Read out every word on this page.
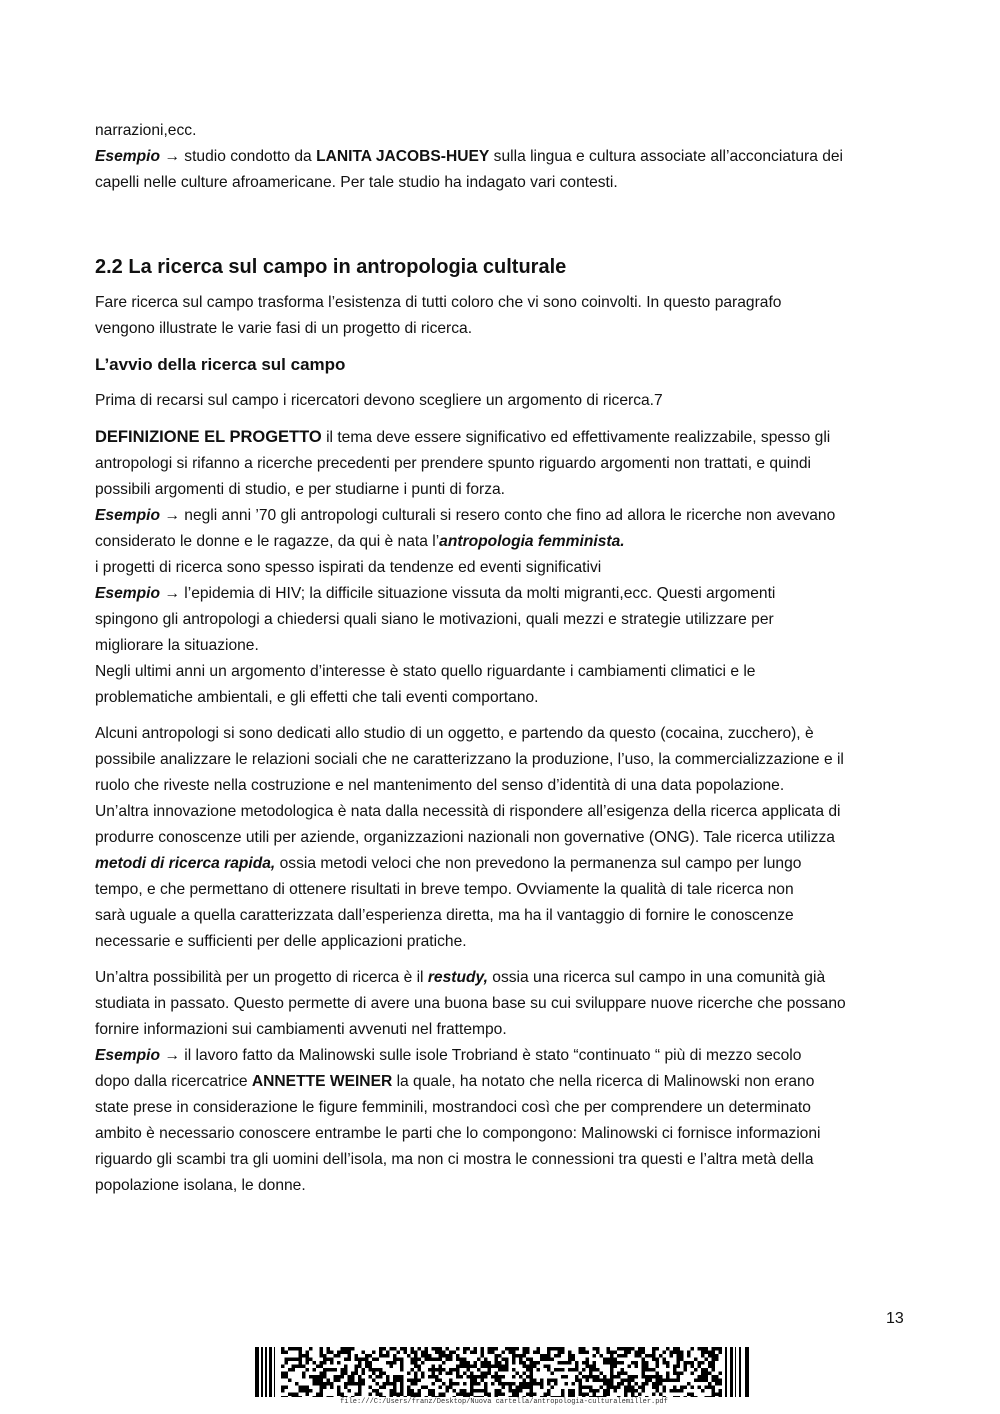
narrazioni,ecc.

Esempio → studio condotto da LANITA JACOBS-HUEY sulla lingua e cultura associate all’acconciatura dei

capelli nelle culture afroamericane. Per tale studio ha indagato vari contesti.

2.2 La ricerca sul campo in antropologia culturale

Fare ricerca sul campo trasforma l’esistenza di tutti coloro che vi sono coinvolti. In questo paragrafo

vengono illustrate le varie fasi di un progetto di ricerca.

L’avvio della ricerca sul campo

Prima di recarsi sul campo i ricercatori devono scegliere un argomento di ricerca.7

DEFINIZIONE EL PROGETTO il tema deve essere significativo ed effettivamente realizzabile, spesso gli

antropologi si rifanno a ricerche precedenti per prendere spunto riguardo argomenti non trattati, e quindi

possibili argomenti di studio, e per studiarne i punti di forza.

Esempio → negli anni ’70 gli antropologi culturali si resero conto che fino ad allora le ricerche non avevano

considerato le donne e le ragazze, da qui è nata l’antropologia femminista.

i progetti di ricerca sono spesso ispirati da tendenze ed eventi significativi

Esempio → l’epidemia di HIV; la difficile situazione vissuta da molti migranti,ecc. Questi argomenti

spingono gli antropologi a chiedersi quali siano le motivazioni, quali mezzi e strategie utilizzare per

migliorare la situazione.

Negli ultimi anni un argomento d’interesse è stato quello riguardante i cambiamenti climatici e le

problematiche ambientali, e gli effetti che tali eventi comportano.

Alcuni antropologi si sono dedicati allo studio di un oggetto, e partendo da questo (cocaina, zucchero), è

possibile analizzare le relazioni sociali che ne caratterizzano la produzione, l’uso, la commercializzazione e il

ruolo che riveste nella costruzione e nel mantenimento del senso d’identità di una data popolazione.

Un’altra innovazione metodologica è nata dalla necessità di rispondere all’esigenza della ricerca applicata di

produrre conoscenze utili per aziende, organizzazioni nazionali non governative (ONG). Tale ricerca utilizza

metodi di ricerca rapida, ossia metodi veloci che non prevedono la permanenza sul campo per lungo

tempo, e che permettano di ottenere risultati in breve tempo. Ovviamente la qualità di tale ricerca non

sarà uguale a quella caratterizzata dall’esperienza diretta, ma ha il vantaggio di fornire le conoscenze

necessarie e sufficienti per delle applicazioni pratiche.

Un’altra possibilità per un progetto di ricerca è il restudy, ossia una ricerca sul campo in una comunità già

studiata in passato. Questo permette di avere una buona base su cui sviluppare nuove ricerche che possano

fornire informazioni sui cambiamenti avvenuti nel frattempo.

Esempio → il lavoro fatto da Malinowski sulle isole Trobriand è stato “continuato “ più di mezzo secolo

dopo dalla ricercatrice ANNETTE WEINER la quale, ha notato che nella ricerca di Malinowski non erano

state prese in considerazione le figure femminili, mostrandoci così che per comprendere un determinato

ambito è necessario conoscere entrambe le parti che lo compongono: Malinowski ci fornisce informazioni

riguardo gli scambi tra gli uomini dell’isola, ma non ci mostra le connessioni tra questi e l’altra metà della

popolazione isolana, le donne.

13
file:///C:/Users/franz/Desktop/Nuova cartella/antropologia-culturalemiller.pdf
